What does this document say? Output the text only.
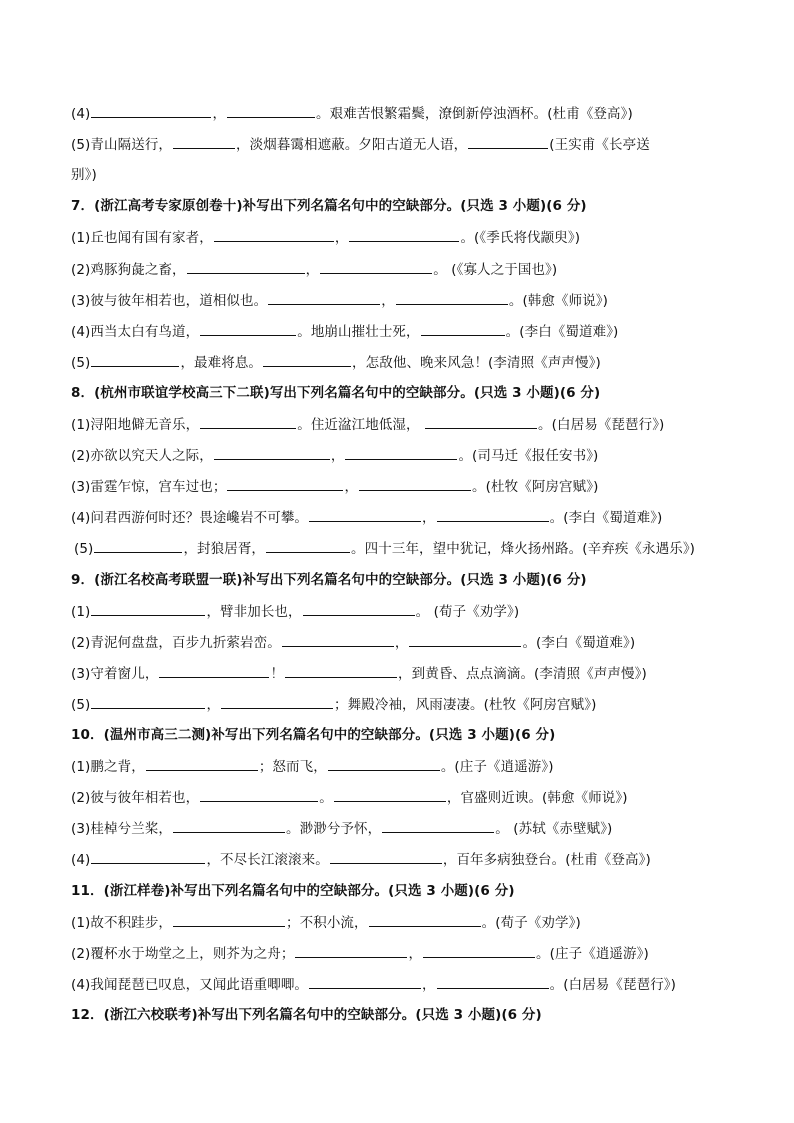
(4)	，	。艰难苦恨繁霜鬓，潦倒新停浊酒杯。(杜甫《登高》)
(5)青山隔送行，	，淡烟暮霭相遮蔽。夕阳古道无人语，	(王实甫《长亭送
别》)
7．(浙江高考专家原创卷十)补写出下列名篇名句中的空缺部分。(只选 3 小题)(6 分)
(1)丘也闻有国有家者，	，	。(《季氏将伐颛臾》)
(2)鸡豚狗彘之畜，	，	。 (《寡人之于国也》)
(3)彼与彼年相若也，道相似也。	，	。(韩愈《师说》)
(4)西当太白有鸟道，	。地崩山摧壮士死，	。(李白《蜀道难》)
(5)	，最难将息。	，怎敌他、晚来风急！(李清照《声声慢》)
8．(杭州市联谊学校高三下二联)写出下列名篇名句中的空缺部分。(只选 3 小题)(6 分)
(1)浔阳地僻无音乐，	。住近湓江地低湿，	。(白居易《琵琶行》)
(2)亦欲以究天人之际，	，	。(司马迁《报任安书》)
(3)雷霆乍惊，宫车过也；	，	。(杜牧《阿房宫赋》)
(4)问君西游何时还？畏途巉岩不可攀。	，	。(李白《蜀道难》)
(5)	，封狼居胥，	。四十三年，望中犹记，烽火扬州路。(辛弃疾《永遇乐》)
9．(浙江名校高考联盟一联)补写出下列名篇名句中的空缺部分。(只选 3 小题)(6 分)
(1)	，臂非加长也，	。 (荀子《劝学》)
(2)青泥何盘盘，百步九折萦岩峦。	，	。(李白《蜀道难》)
(3)守着窗儿，	！	，到黄昏、点点滴滴。(李清照《声声慢》)
(5)	，	；舞殿冷袖，风雨凄凄。(杜牧《阿房宫赋》)
10．(温州市高三二测)补写出下列名篇名句中的空缺部分。(只选 3 小题)(6 分)
(1)鹏之背，	；怒而飞，	。(庄子《逍遥游》)
(2)彼与彼年相若也，	。	，官盛则近谀。(韩愈《师说》)
(3)桂棹兮兰桨，	。渺渺兮予怀，	。 (苏轼《赤壁赋》)
(4)	，不尽长江滚滚来。	，百年多病独登台。(杜甫《登高》)
11．(浙江样卷)补写出下列名篇名句中的空缺部分。(只选 3 小题)(6 分)
(1)故不积跬步，	；不积小流，	。(荀子《劝学》)
(2)覆杯水于坳堂之上，则芥为之舟；	，	。(庄子《逍遥游》)
(4)我闻琵琶已叹息，又闻此语重唧唧。	，	。(白居易《琵琶行》)
12．(浙江六校联考)补写出下列名篇名句中的空缺部分。(只选 3 小题)(6 分)
